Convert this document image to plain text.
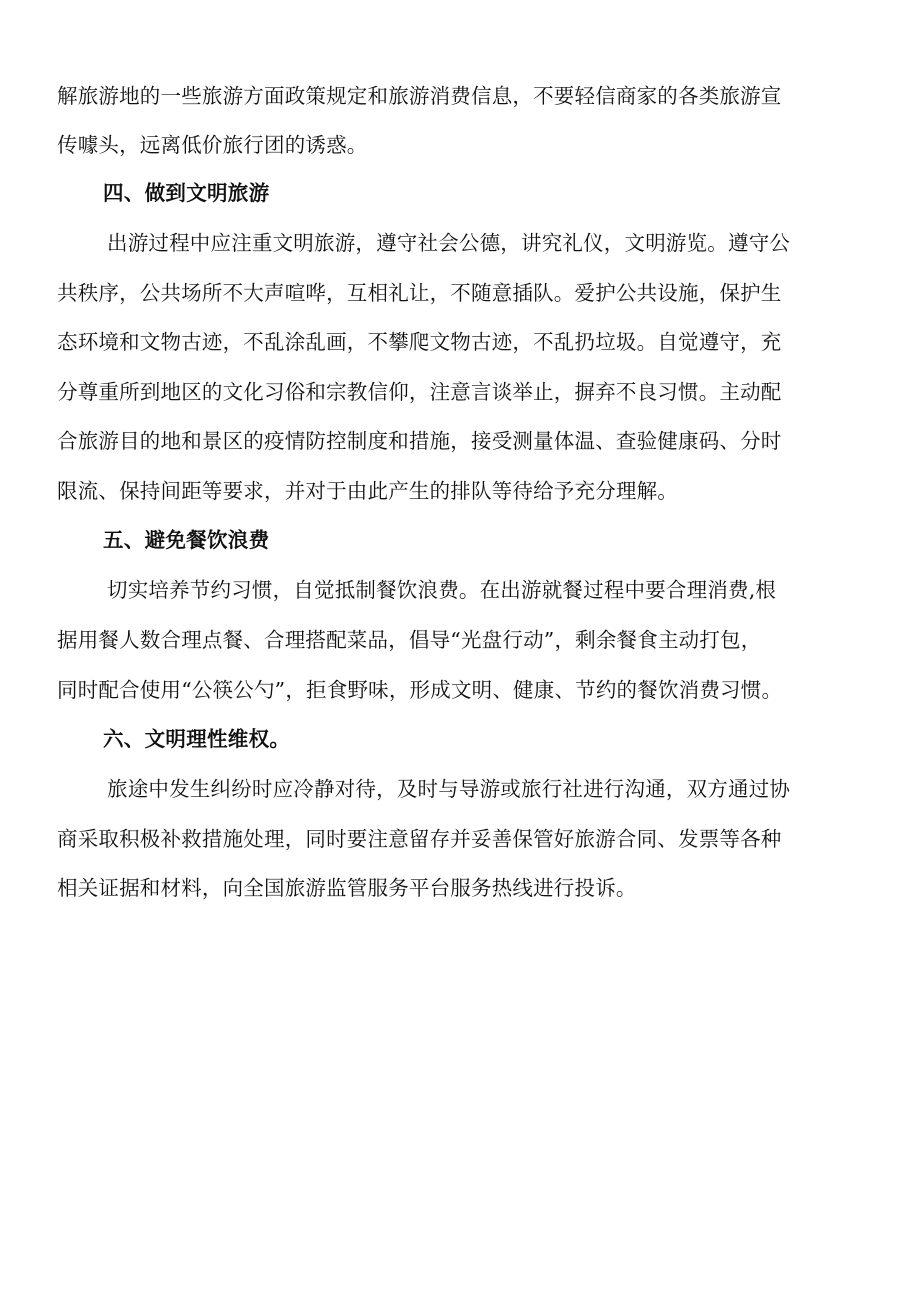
解旅游地的一些旅游方面政策规定和旅游消费信息，不要轻信商家的各类旅游宣
传噱头，远离低价旅行团的诱惑。
四、做到文明旅游
出游过程中应注重文明旅游，遵守社会公德，讲究礼仪，文明游览。遵守公
共秩序，公共场所不大声喧哗，互相礼让，不随意插队。爱护公共设施，保护生
态环境和文物古迹，不乱涂乱画，不攀爬文物古迹，不乱扔垃圾。自觉遵守，充
分尊重所到地区的文化习俗和宗教信仰，注意言谈举止，摒弃不良习惯。主动配
合旅游目的地和景区的疫情防控制度和措施，接受测量体温、查验健康码、分时
限流、保持间距等要求，并对于由此产生的排队等待给予充分理解。
五、避免餐饮浪费
切实培养节约习惯，自觉抵制餐饮浪费。在出游就餐过程中要合理消费,根
据用餐人数合理点餐、合理搭配菜品，倡导“光盘行动”，剩余餐食主动打包，
同时配合使用“公筷公勺”，拒食野味，形成文明、健康、节约的餐饮消费习惯。
六、文明理性维权。
旅途中发生纠纷时应冷静对待，及时与导游或旅行社进行沟通，双方通过协
商采取积极补救措施处理，同时要注意留存并妥善保管好旅游合同、发票等各种
相关证据和材料，向全国旅游监管服务平台服务热线进行投诉。
